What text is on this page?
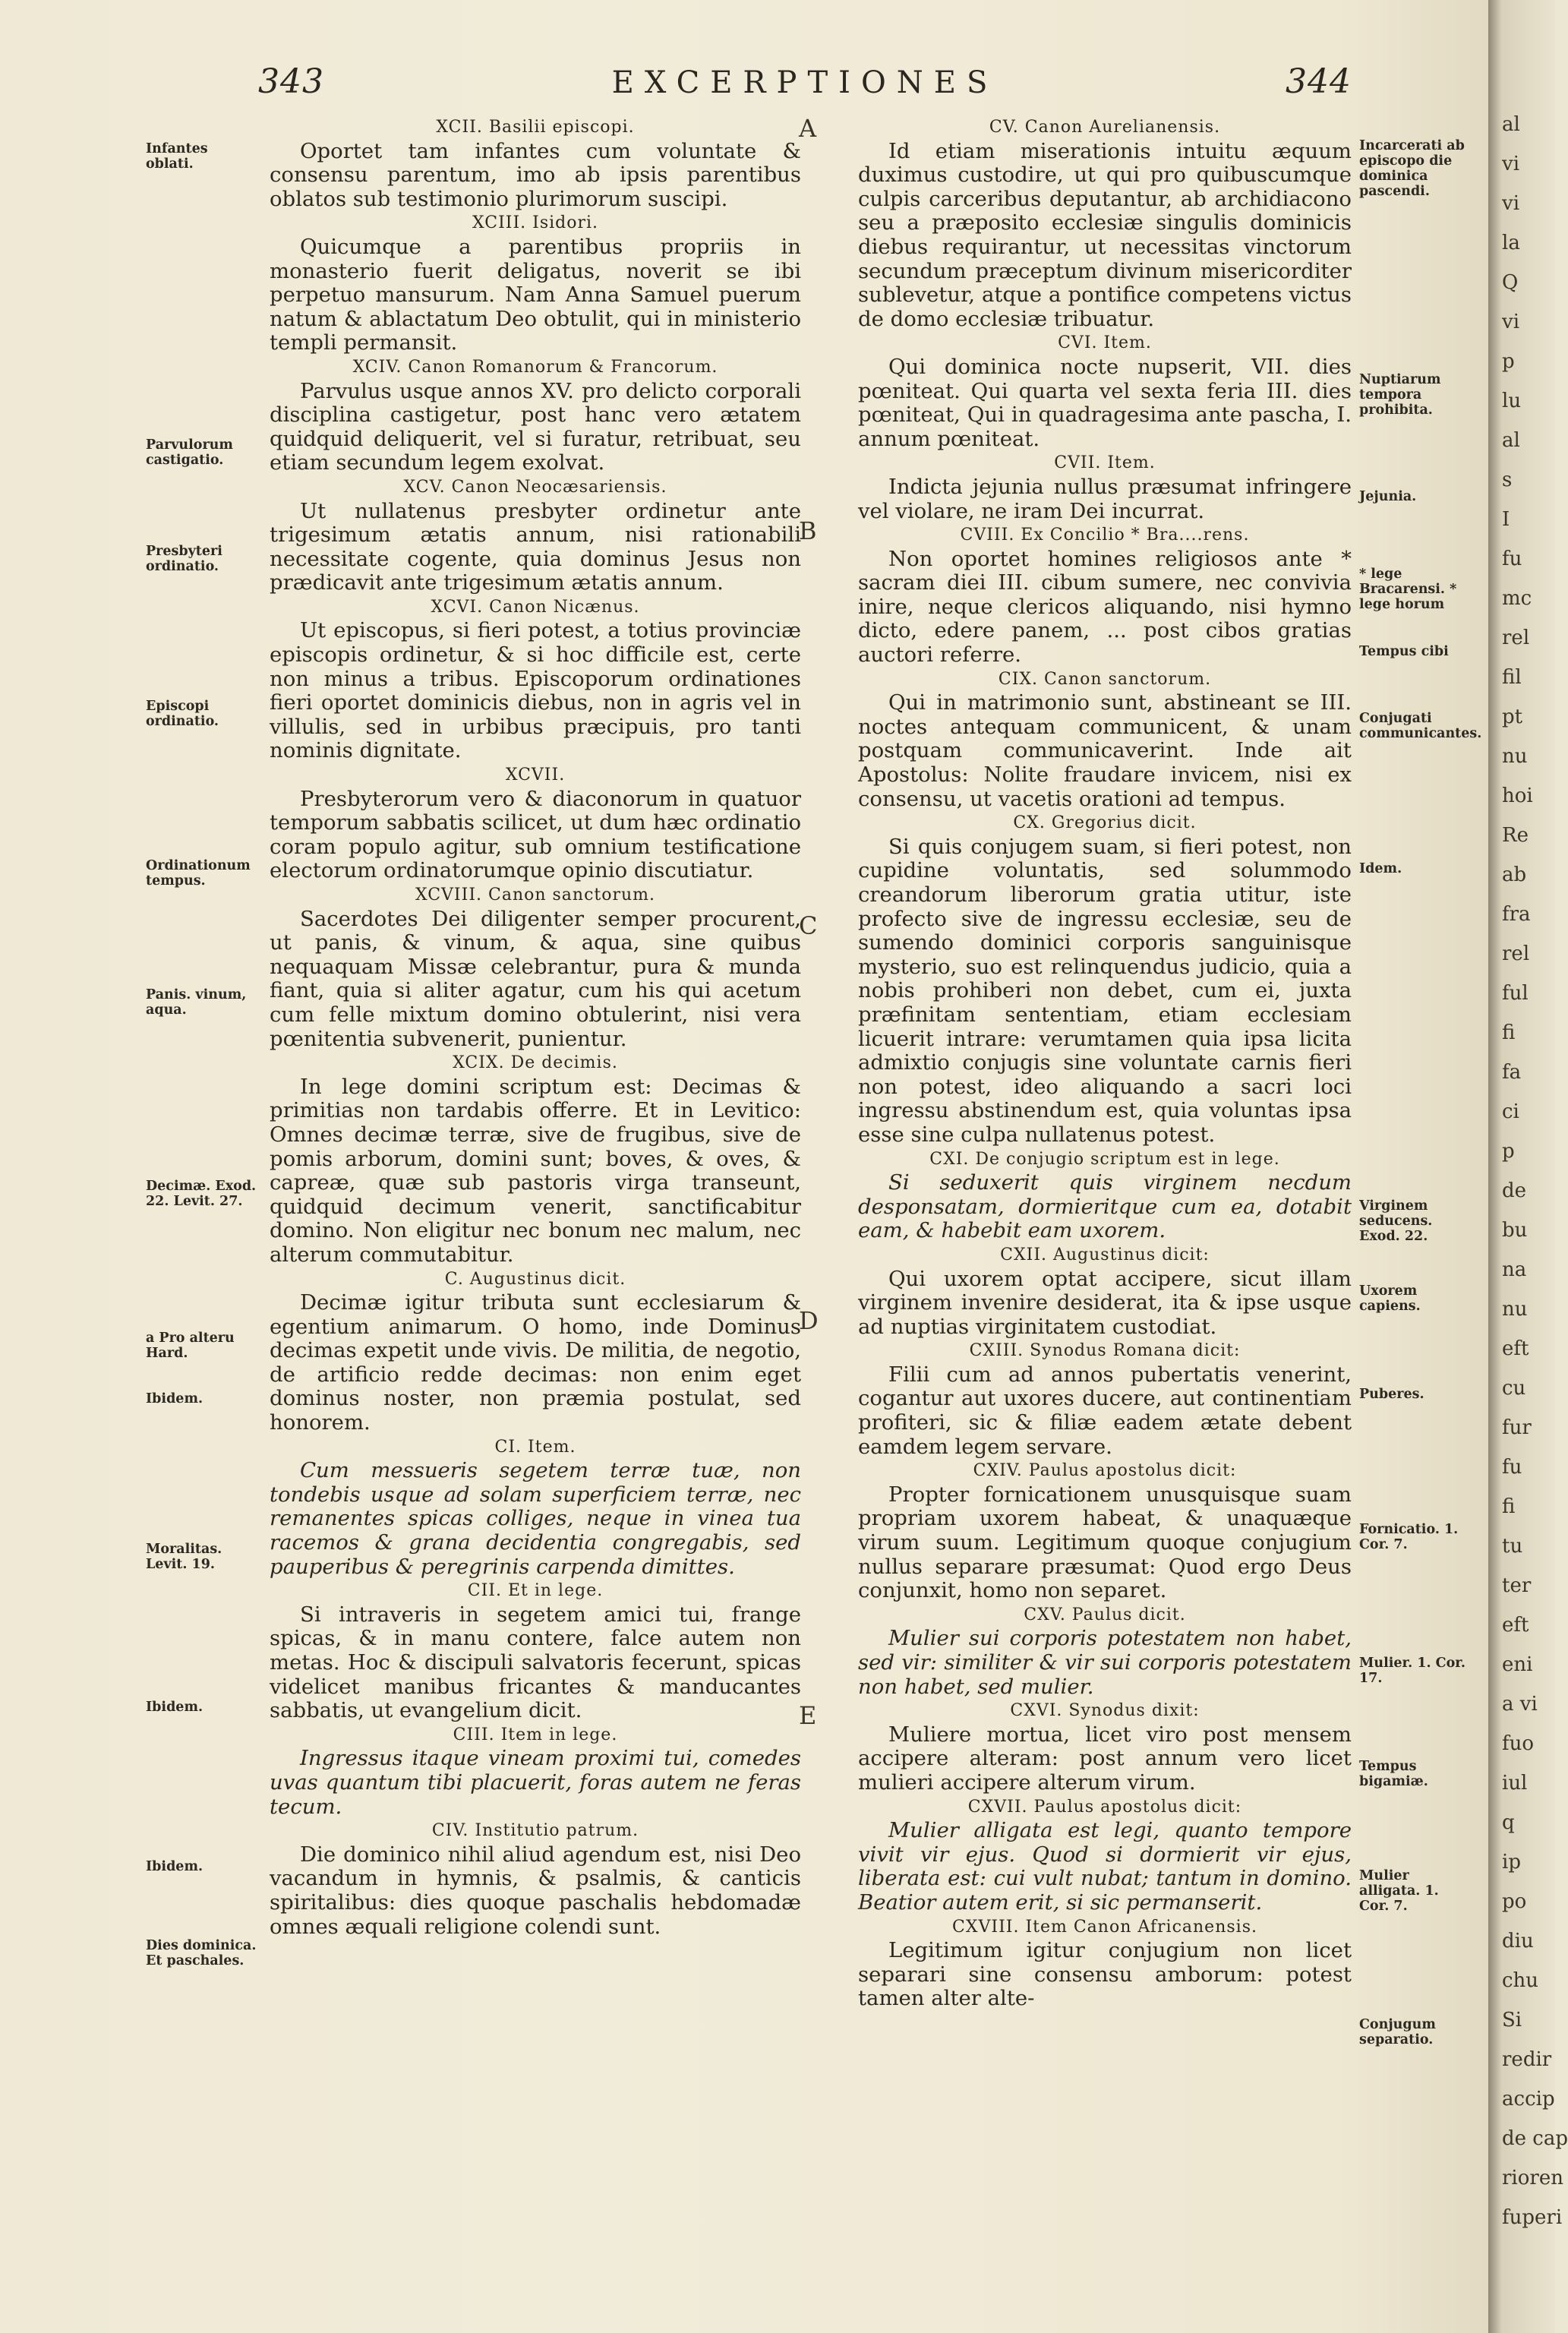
343	EXCERPTIONES	344
A
B
C
D
E
Infantes oblati.
Parvulorum castigatio.
Presbyteri ordinatio.
Episcopi ordinatio.
Ordinationum tempus.
Panis. vinum, aqua.
Decimæ. Exod. 22. Levit. 27.
a Pro alteru Hard.
Ibidem.
Moralitas. Levit. 19.
Ibidem.
Ibidem.
Dies dominica. Et paschales.
Incarcerati ab episcopo die dominica pascendi.
Nuptiarum tempora prohibita.
Jejunia.
* lege Bracarensi. * lege horum
Tempus cibi
Conjugati communicantes.
Idem.
Virginem seducens. Exod. 22.
Uxorem capiens.
Puberes.
Fornicatio. 1. Cor. 7.
Mulier. 1. Cor. 17.
Tempus bigamiæ.
Mulier alligata. 1. Cor. 7.
Conjugum separatio.
XCII. Basilii episcopi.

Oportet tam infantes cum voluntate & consensu parentum, imo ab ipsis parentibus oblatos sub testimonio plurimorum suscipi.

XCIII. Isidori.

Quicumque a parentibus propriis in monasterio fuerit deligatus, noverit se ibi perpetuo mansurum. Nam Anna Samuel puerum natum & ablactatum Deo obtulit, qui in ministerio templi permansit.

XCIV. Canon Romanorum & Francorum.

Parvulus usque annos XV. pro delicto corporali disciplina castigetur, post hanc vero ætatem quidquid deliquerit, vel si furatur, retribuat, seu etiam secundum legem exolvat.

XCV. Canon Neocæsariensis.

Ut nullatenus presbyter ordinetur ante trigesimum ætatis annum, nisi rationabili necessitate cogente, quia dominus Jesus non prædicavit ante trigesimum ætatis annum.

XCVI. Canon Nicænus.

Ut episcopus, si fieri potest, a totius provinciæ episcopis ordinetur, & si hoc difficile est, certe non minus a tribus. Episcoporum ordinationes fieri oportet dominicis diebus, non in agris vel in villulis, sed in urbibus præcipuis, pro tanti nominis dignitate.

XCVII.

Presbyterorum vero & diaconorum in quatuor temporum sabbatis scilicet, ut dum hæc ordinatio coram populo agitur, sub omnium testificatione electorum ordinatorumque opinio discutiatur.

XCVIII. Canon sanctorum.

Sacerdotes Dei diligenter semper procurent, ut panis, & vinum, & aqua, sine quibus nequaquam Missæ celebrantur, pura & munda fiant, quia si aliter agatur, cum his qui acetum cum felle mixtum domino obtulerint, nisi vera pœnitentia subvenerit, punientur.

XCIX. De decimis.

In lege domini scriptum est: Decimas & primitias non tardabis offerre. Et in Levitico: Omnes decimæ terræ, sive de frugibus, sive de pomis arborum, domini sunt; boves, & oves, & capreæ, quæ sub pastoris virga transeunt, quidquid decimum venerit, sanctificabitur domino. Non eligitur nec bonum nec malum, nec alterum commutabitur.

C. Augustinus dicit.

Decimæ igitur tributa sunt ecclesiarum & egentium animarum. O homo, inde Dominus decimas expetit unde vivis. De militia, de negotio, de artificio redde decimas: non enim eget dominus noster, non præmia postulat, sed honorem.

CI. Item.

Cum messueris segetem terræ tuæ, non tondebis usque ad solam superficiem terræ, nec remanentes spicas colliges, neque in vinea tua racemos & grana decidentia congregabis, sed pauperibus & peregrinis carpenda dimittes.

CII. Et in lege.

Si intraveris in segetem amici tui, frange spicas, & in manu contere, falce autem non metas. Hoc & discipuli salvatoris fecerunt, spicas videlicet manibus fricantes & manducantes sabbatis, ut evangelium dicit.

CIII. Item in lege.

Ingressus itaque vineam proximi tui, comedes uvas quantum tibi placuerit, foras autem ne feras tecum.

CIV. Institutio patrum.

Die dominico nihil aliud agendum est, nisi Deo vacandum in hymnis, & psalmis, & canticis spiritalibus: dies quoque paschalis hebdomadæ omnes æquali religione colendi sunt.

CV. Canon Aurelianensis.

Id etiam miserationis intuitu æquum duximus custodire, ut qui pro quibuscumque culpis carceribus deputantur, ab archidiacono seu a præposito ecclesiæ singulis dominicis diebus requirantur, ut necessitas vinctorum secundum præceptum divinum misericorditer sublevetur, atque a pontifice competens victus de domo ecclesiæ tribuatur.

CVI. Item.

Qui dominica nocte nupserit, VII. dies pœniteat. Qui quarta vel sexta feria III. dies pœniteat, Qui in quadragesima ante pascha, I. annum pœniteat.

CVII. Item.

Indicta jejunia nullus præsumat infringere vel violare, ne iram Dei incurrat.

CVIII. Ex Concilio * Bra....rens.

Non oportet homines religiosos ante * sacram diei III. cibum sumere, nec convivia inire, neque clericos aliquando, nisi hymno dicto, edere panem, ... post cibos gratias auctori referre.

CIX. Canon sanctorum.

Qui in matrimonio sunt, abstineant se III. noctes antequam communicent, & unam postquam communicaverint. Inde ait Apostolus: Nolite fraudare invicem, nisi ex consensu, ut vacetis orationi ad tempus.

CX. Gregorius dicit.

Si quis conjugem suam, si fieri potest, non cupidine voluntatis, sed solummodo creandorum liberorum gratia utitur, iste profecto sive de ingressu ecclesiæ, seu de sumendo dominici corporis sanguinisque mysterio, suo est relinquendus judicio, quia a nobis prohiberi non debet, cum ei, juxta præfinitam sententiam, etiam ecclesiam licuerit intrare: verumtamen quia ipsa licita admixtio conjugis sine voluntate carnis fieri non potest, ideo aliquando a sacri loci ingressu abstinendum est, quia voluntas ipsa esse sine culpa nullatenus potest.

CXI. De conjugio scriptum est in lege.

Si seduxerit quis virginem necdum desponsatam, dormieritque cum ea, dotabit eam, & habebit eam uxorem.

CXII. Augustinus dicit:

Qui uxorem optat accipere, sicut illam virginem invenire desiderat, ita & ipse usque ad nuptias virginitatem custodiat.

CXIII. Synodus Romana dicit:

Filii cum ad annos pubertatis venerint, cogantur aut uxores ducere, aut continentiam profiteri, sic & filiæ eadem ætate debent eamdem legem servare.

CXIV. Paulus apostolus dicit:

Propter fornicationem unusquisque suam propriam uxorem habeat, & unaquæque virum suum. Legitimum quoque conjugium nullus separare præsumat: Quod ergo Deus conjunxit, homo non separet.

CXV. Paulus dicit.

Mulier sui corporis potestatem non habet, sed vir: similiter & vir sui corporis potestatem non habet, sed mulier.

CXVI. Synodus dixit:

Muliere mortua, licet viro post mensem accipere alteram: post annum vero licet mulieri accipere alterum virum.

CXVII. Paulus apostolus dicit:

Mulier alligata est legi, quanto tempore vivit vir ejus. Quod si dormierit vir ejus, liberata est: cui vult nubat; tantum in domino. Beatior autem erit, si sic permanserit.

CXVIII. Item Canon Africanensis.

Legitimum igitur conjugium non licet separari sine consensu amborum: potest tamen alter alte-

al
vi
vi
la
Q
vi
p
lu
al
s
I
fu
mc
rel
fil
pt
nu
hoi
Re
ab
fra
rel
ful
fi
fa
ci
p
de
bu
na
nu
eft
cu
fur
fu
fi
tu
ter
eft
eni
a vi
fuo
iul
q
ip
po
diu
chu
Si
redir
accip
de cap
rioren
fuperi
